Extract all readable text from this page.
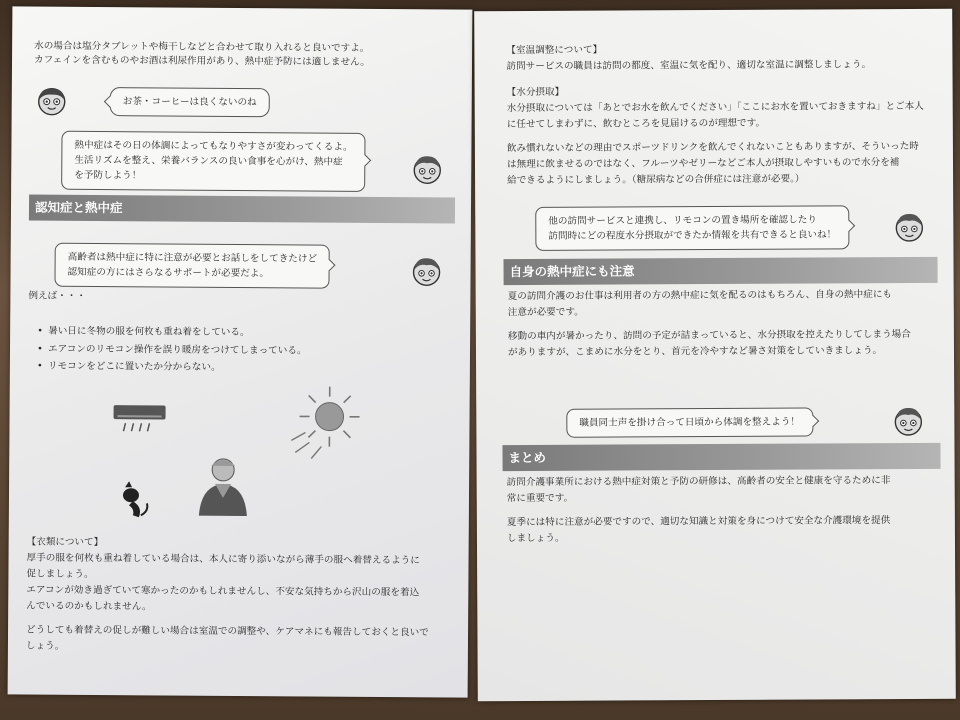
水の場合は塩分タブレットや梅干しなどと合わせて取り入れると良いですよ。
カフェインを含むものやお酒は利尿作用があり、熱中症予防には適しません。
お茶・コーヒーは良くないのね
熱中症はその日の体調によってもなりやすさが変わってくるよ。
生活リズムを整え、栄養バランスの良い食事を心がけ、熱中症
を予防しよう！
認知症と熱中症
高齢者は熱中症に特に注意が必要とお話しをしてきたけど
認知症の方にはさらなるサポートが必要だよ。
例えば・・・
• 暑い日に冬物の服を何枚も重ね着をしている。
• エアコンのリモコン操作を誤り暖房をつけてしまっている。
• リモコンをどこに置いたか分からない。
【衣類について】
厚手の服を何枚も重ね着している場合は、本人に寄り添いながら薄手の服へ着替えるように
促しましょう。
エアコンが効き過ぎていて寒かったのかもしれませんし、不安な気持ちから沢山の服を着込
んでいるのかもしれません。
どうしても着替えの促しが難しい場合は室温での調整や、ケアマネにも報告しておくと良いで
しょう。
【室温調整について】
訪問サービスの職員は訪問の都度、室温に気を配り、適切な室温に調整しましょう。
【水分摂取】
水分摂取については「あとでお水を飲んでください」「ここにお水を置いておきますね」とご本人
に任せてしまわずに、飲むところを見届けるのが理想です。
飲み慣れないなどの理由でスポーツドリンクを飲んでくれないこともありますが、そういった時
は無理に飲ませるのではなく、フルーツやゼリーなどご本人が摂取しやすいもので水分を補
給できるようにしましょう。（糖尿病などの合併症には注意が必要。）
他の訪問サービスと連携し、リモコンの置き場所を確認したり
訪問時にどの程度水分摂取ができたか情報を共有できると良いね！
自身の熱中症にも注意
夏の訪問介護のお仕事は利用者の方の熱中症に気を配るのはもちろん、自身の熱中症にも
注意が必要です。
移動の車内が暑かったり、訪問の予定が詰まっていると、水分摂取を控えたりしてしまう場合
がありますが、こまめに水分をとり、首元を冷やすなど暑さ対策をしていきましょう。
職員同士声を掛け合って日頃から体調を整えよう！
まとめ
訪問介護事業所における熱中症対策と予防の研修は、高齢者の安全と健康を守るために非
常に重要です。
夏季には特に注意が必要ですので、適切な知識と対策を身につけて安全な介護環境を提供
しましょう。
